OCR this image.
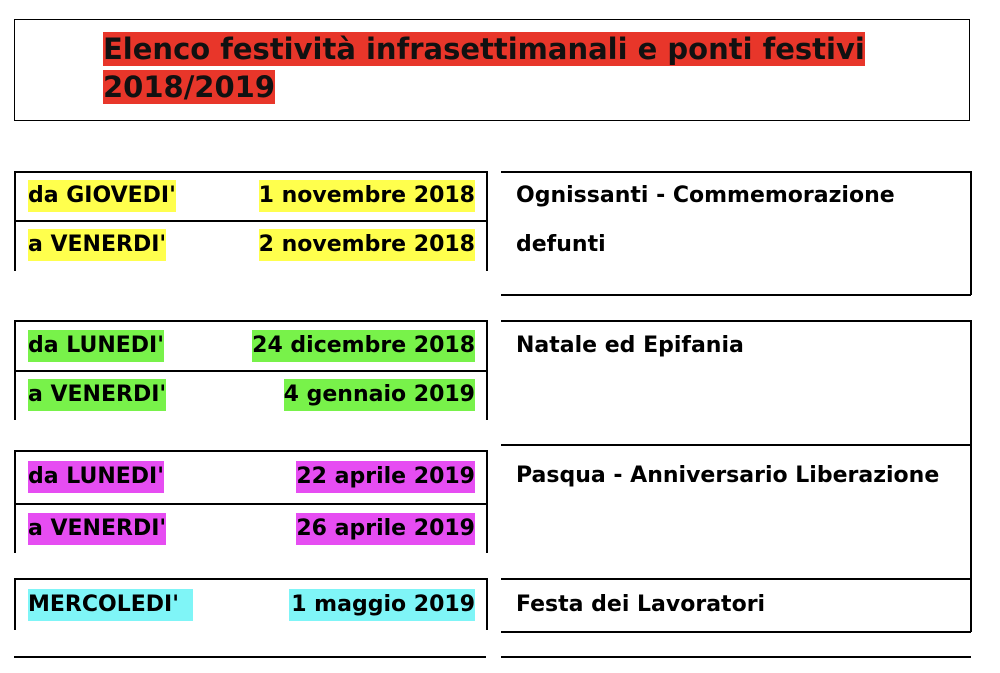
Elenco festività infrasettimanali e ponti festivi 2018/2019
da GIOVEDI'	1 novembre 2018
a VENERDI'	2 novembre 2018
Ognissanti - Commemorazione
defunti
da LUNEDI'	24 dicembre 2018
a VENERDI'	4 gennaio 2019
Natale ed Epifania
da LUNEDI'	22 aprile 2019
a VENERDI'	26 aprile 2019
Pasqua - Anniversario Liberazione
MERCOLEDI'	1 maggio 2019 Festa dei Lavoratori
